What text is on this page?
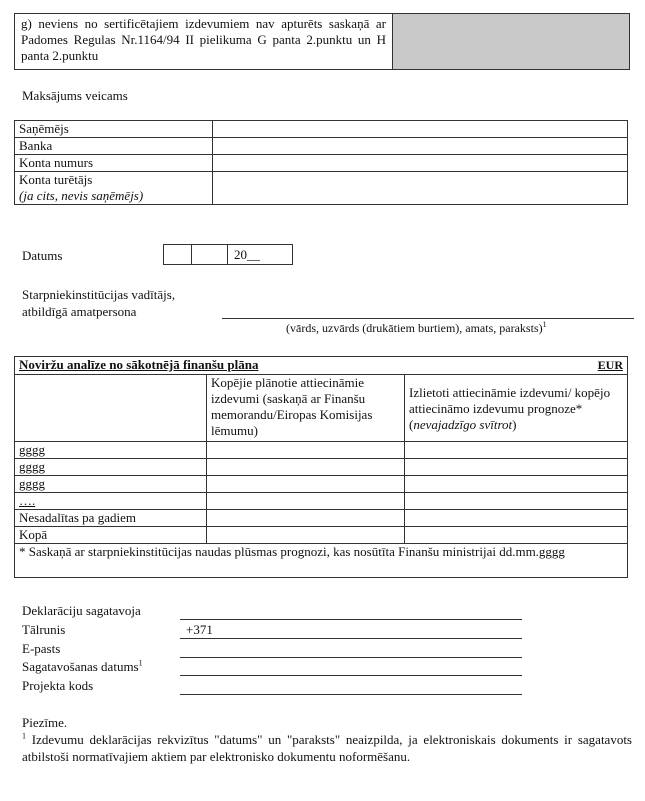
g) neviens no sertificētajiem izdevumiem nav apturēts saskaņā ar Padomes Regulas Nr.1164/94 II pielikuma G panta 2.punktu un H panta 2.punktu
Maksājums veicams
Saņēmējs	
Banka	
Konta numurs	

Konta turētājs
(ja cits, nevis saņēmējs)	

Datums	20__
Starpniekinstitūcijas vadītājs,
atbildīgā amatpersona
(vārds, uzvārds (drukātiem burtiem), amats, paraksts)$^1$
Noviržu analīze no sākotnējā finanšu plāna EUR		

	Kopējie plānotie attiecināmie izdevumi (saskaņā ar Finanšu memorandu/Eiropas Komisijas lēmumu)	Izlietoti attiecināmie izdevumi/ kopējo attiecināmo izdevumu prognoze* (nevajadzīgo svītrot)
gggg		
gggg		
gggg		
….		
Nesadalītas pa gadiem		
Kopā		
* Saskaņā ar starpniekinstitūcijas naudas plūsmas prognozi, kas nosūtīta Finanšu ministrijai dd.mm.gggg		
Deklarāciju sagatavoja
Tālrunis	+371
E-pasts
Sagatavošanas datums$^1$
Projekta kods
Piezīme.
$^1$ Izdevumu deklarācijas rekvizītus "datums" un "paraksts" neaizpilda, ja elektroniskais dokuments ir sagatavots atbilstoši normatīvajiem aktiem par elektronisko dokumentu noformēšanu.
